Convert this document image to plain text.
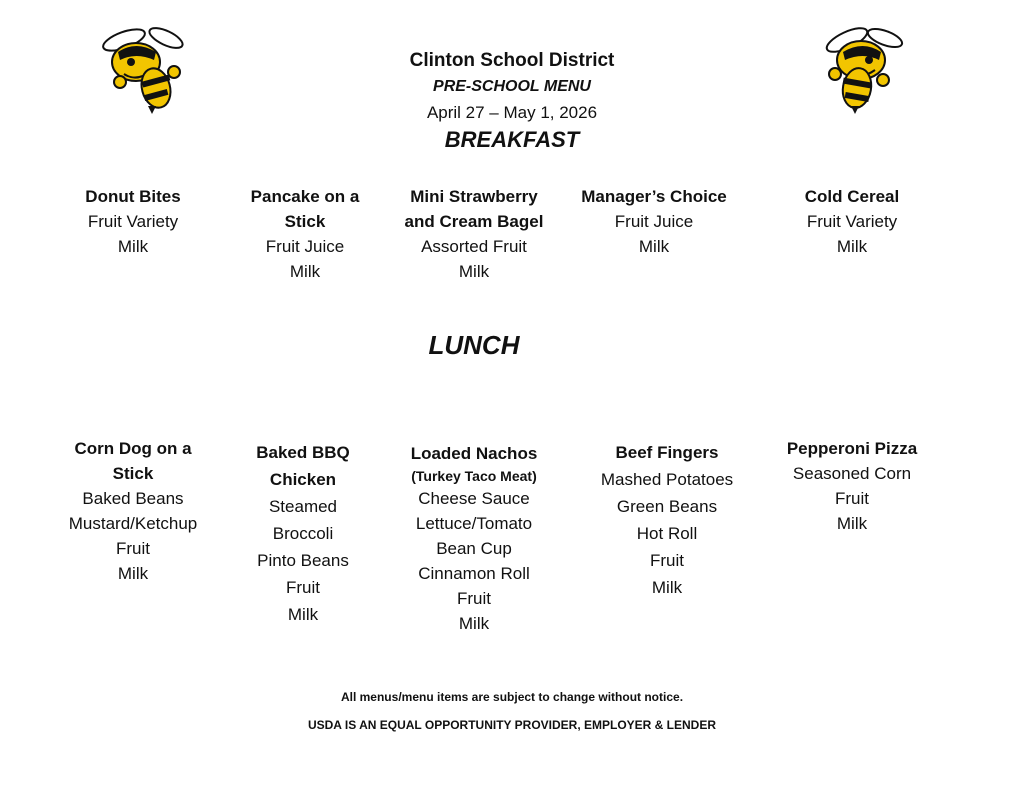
Clinton School District
PRE-SCHOOL MENU
April 27 – May 1, 2026
BREAKFAST
Donut Bites
Fruit Variety
Milk
Pancake on a
Stick
Fruit Juice
Milk
Mini Strawberry
and Cream Bagel
Assorted Fruit
Milk
Manager’s Choice
Fruit Juice
Milk
Cold Cereal
Fruit Variety
Milk
LUNCH
Corn Dog on a
Stick
Baked Beans
Mustard/Ketchup
Fruit
Milk
Baked BBQ
Chicken
Steamed
Broccoli
Pinto Beans
Fruit
Milk
Loaded Nachos
(Turkey Taco Meat)
Cheese Sauce
Lettuce/Tomato
Bean Cup
Cinnamon Roll
Fruit
Milk
Beef Fingers
Mashed Potatoes
Green Beans
Hot Roll
Fruit
Milk
Pepperoni Pizza
Seasoned Corn
Fruit
Milk
All menus/menu items are subject to change without notice.
USDA IS AN EQUAL OPPORTUNITY PROVIDER, EMPLOYER & LENDER
